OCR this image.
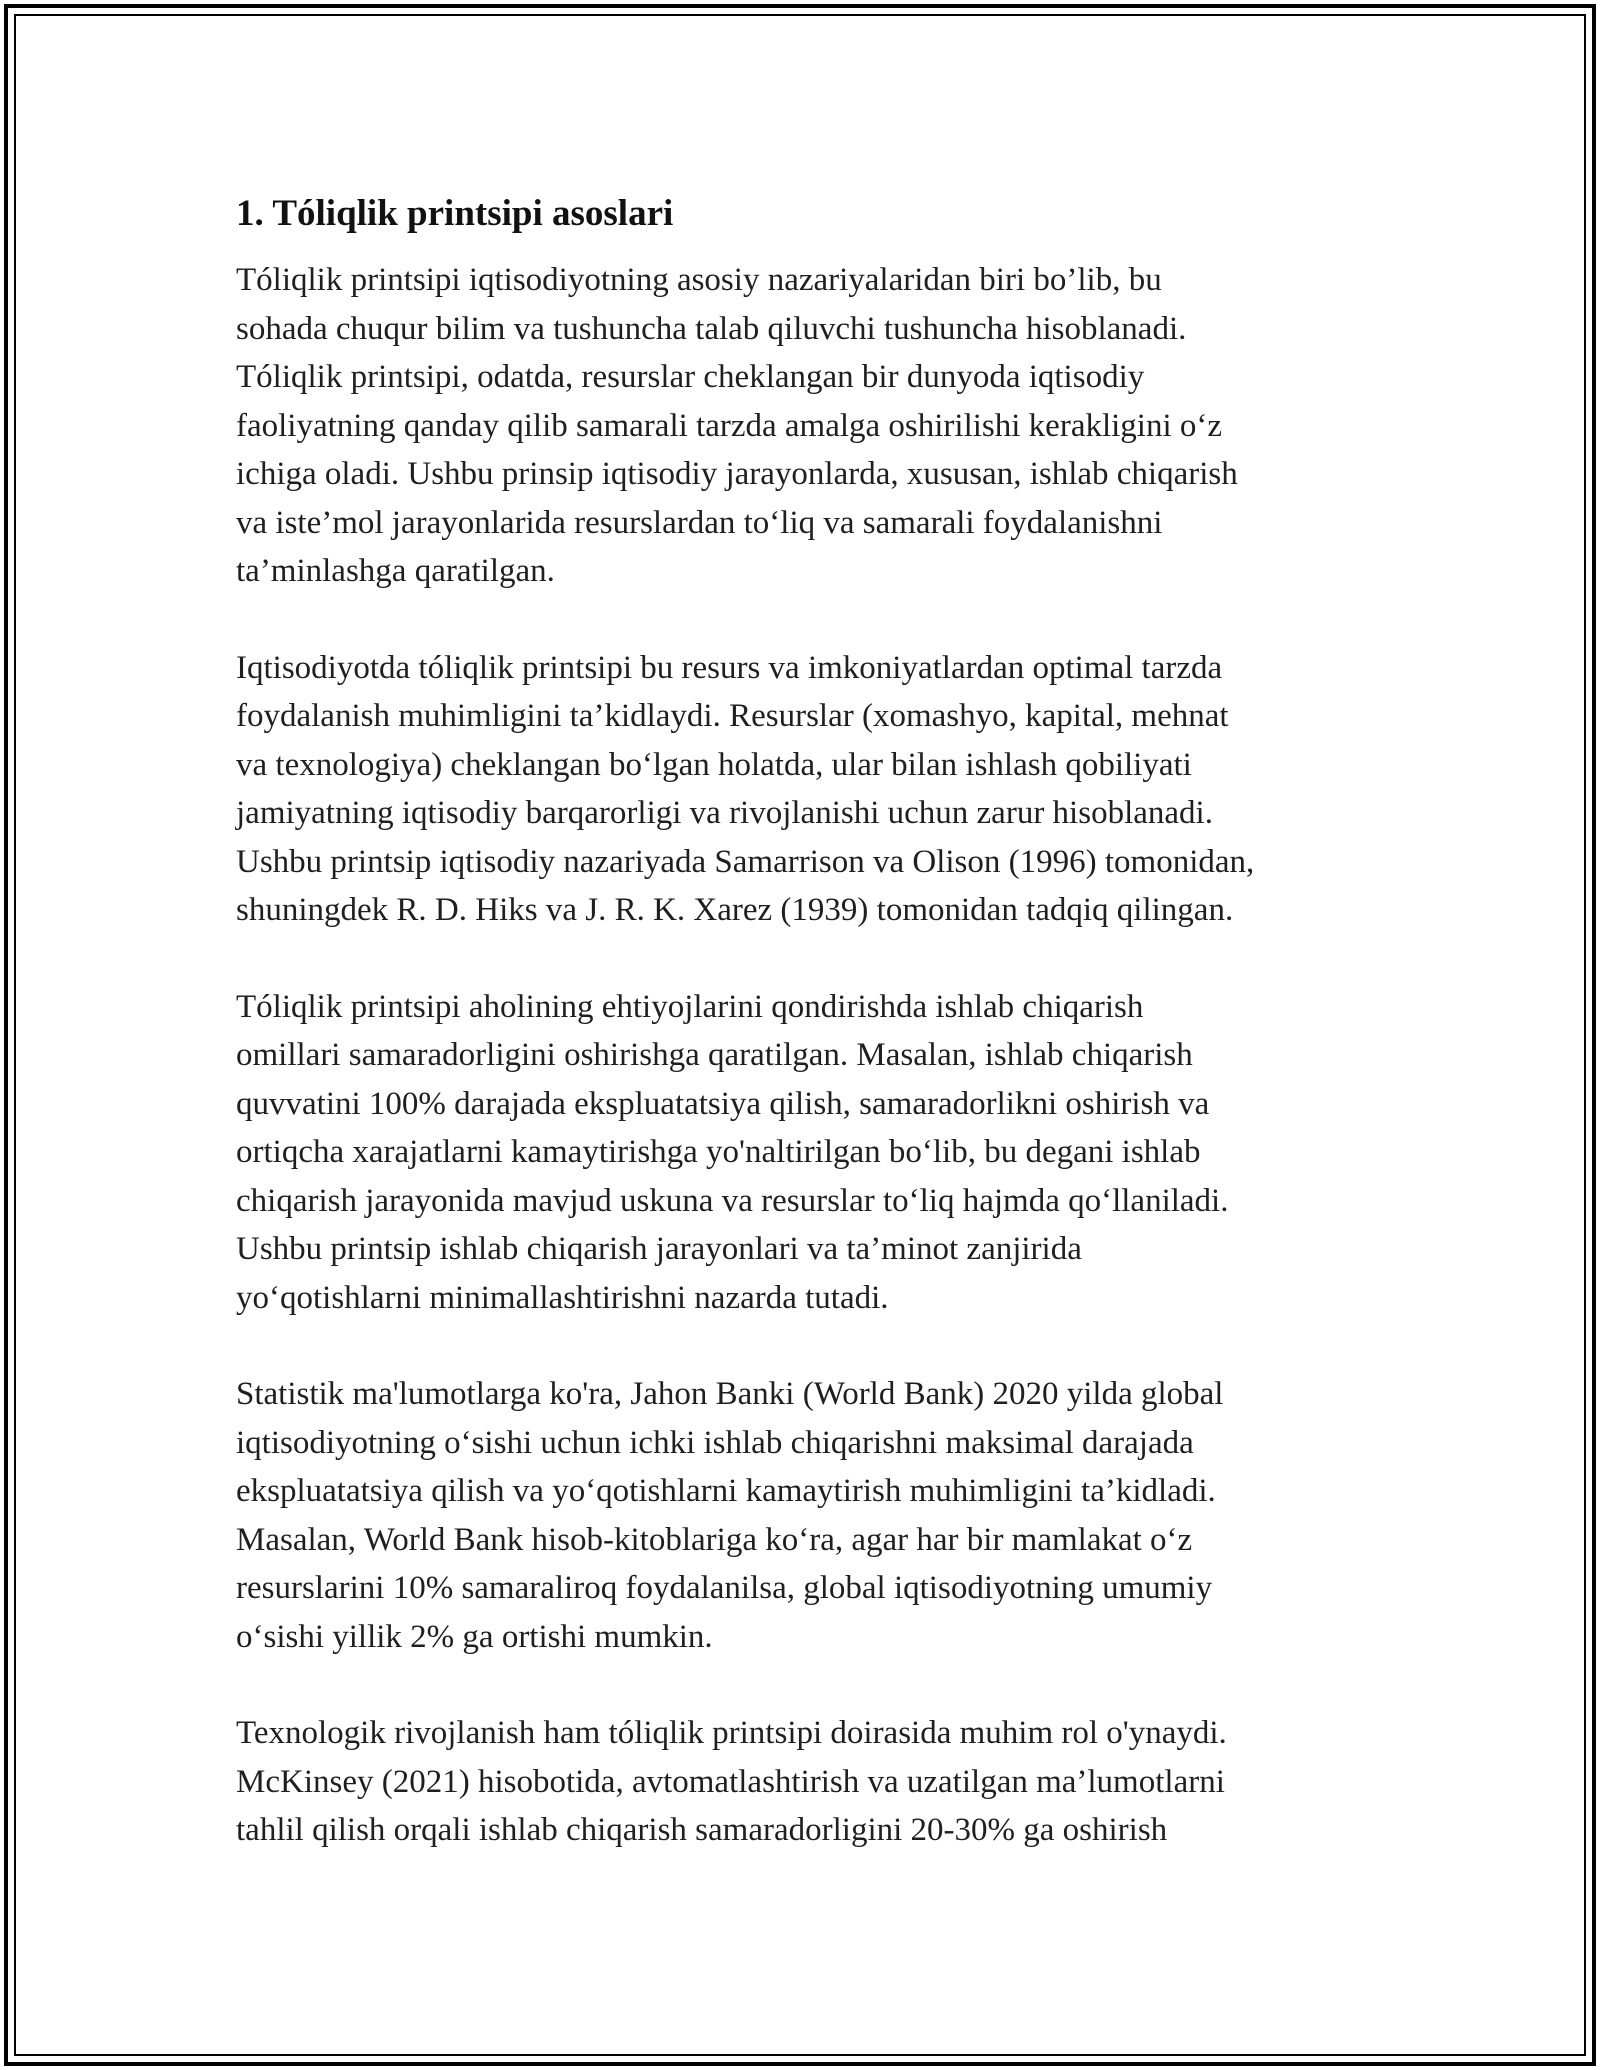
1. Tóliqlik printsipi asoslari

Tóliqlik printsipi iqtisodiyotning asosiy nazariyalaridan biri bo’lib, bu
sohada chuqur bilim va tushuncha talab qiluvchi tushuncha hisoblanadi.
Tóliqlik printsipi, odatda, resurslar cheklangan bir dunyoda iqtisodiy
faoliyatning qanday qilib samarali tarzda amalga oshirilishi kerakligini o‘z
ichiga oladi. Ushbu prinsip iqtisodiy jarayonlarda, xususan, ishlab chiqarish
va iste’mol jarayonlarida resurslardan to‘liq va samarali foydalanishni
ta’minlashga qaratilgan.

Iqtisodiyotda tóliqlik printsipi bu resurs va imkoniyatlardan optimal tarzda
foydalanish muhimligini ta’kidlaydi. Resurslar (xomashyo, kapital, mehnat
va texnologiya) cheklangan bo‘lgan holatda, ular bilan ishlash qobiliyati
jamiyatning iqtisodiy barqarorligi va rivojlanishi uchun zarur hisoblanadi.
Ushbu printsip iqtisodiy nazariyada Samarrison va Olison (1996) tomonidan,
shuningdek R. D. Hiks va J. R. K. Xarez (1939) tomonidan tadqiq qilingan.

Tóliqlik printsipi aholining ehtiyojlarini qondirishda ishlab chiqarish
omillari samaradorligini oshirishga qaratilgan. Masalan, ishlab chiqarish
quvvatini 100% darajada ekspluatatsiya qilish, samaradorlikni oshirish va
ortiqcha xarajatlarni kamaytirishga yo'naltirilgan bo‘lib, bu degani ishlab
chiqarish jarayonida mavjud uskuna va resurslar to‘liq hajmda qo‘llaniladi.
Ushbu printsip ishlab chiqarish jarayonlari va ta’minot zanjirida
yo‘qotishlarni minimallashtirishni nazarda tutadi.

Statistik ma'lumotlarga ko'ra, Jahon Banki (World Bank) 2020 yilda global
iqtisodiyotning o‘sishi uchun ichki ishlab chiqarishni maksimal darajada
ekspluatatsiya qilish va yo‘qotishlarni kamaytirish muhimligini ta’kidladi.
Masalan, World Bank hisob-kitoblariga ko‘ra, agar har bir mamlakat o‘z
resurslarini 10% samaraliroq foydalanilsa, global iqtisodiyotning umumiy
o‘sishi yillik 2% ga ortishi mumkin.

Texnologik rivojlanish ham tóliqlik printsipi doirasida muhim rol o'ynaydi.
McKinsey (2021) hisobotida, avtomatlashtirish va uzatilgan ma’lumotlarni
tahlil qilish orqali ishlab chiqarish samaradorligini 20-30% ga oshirish
